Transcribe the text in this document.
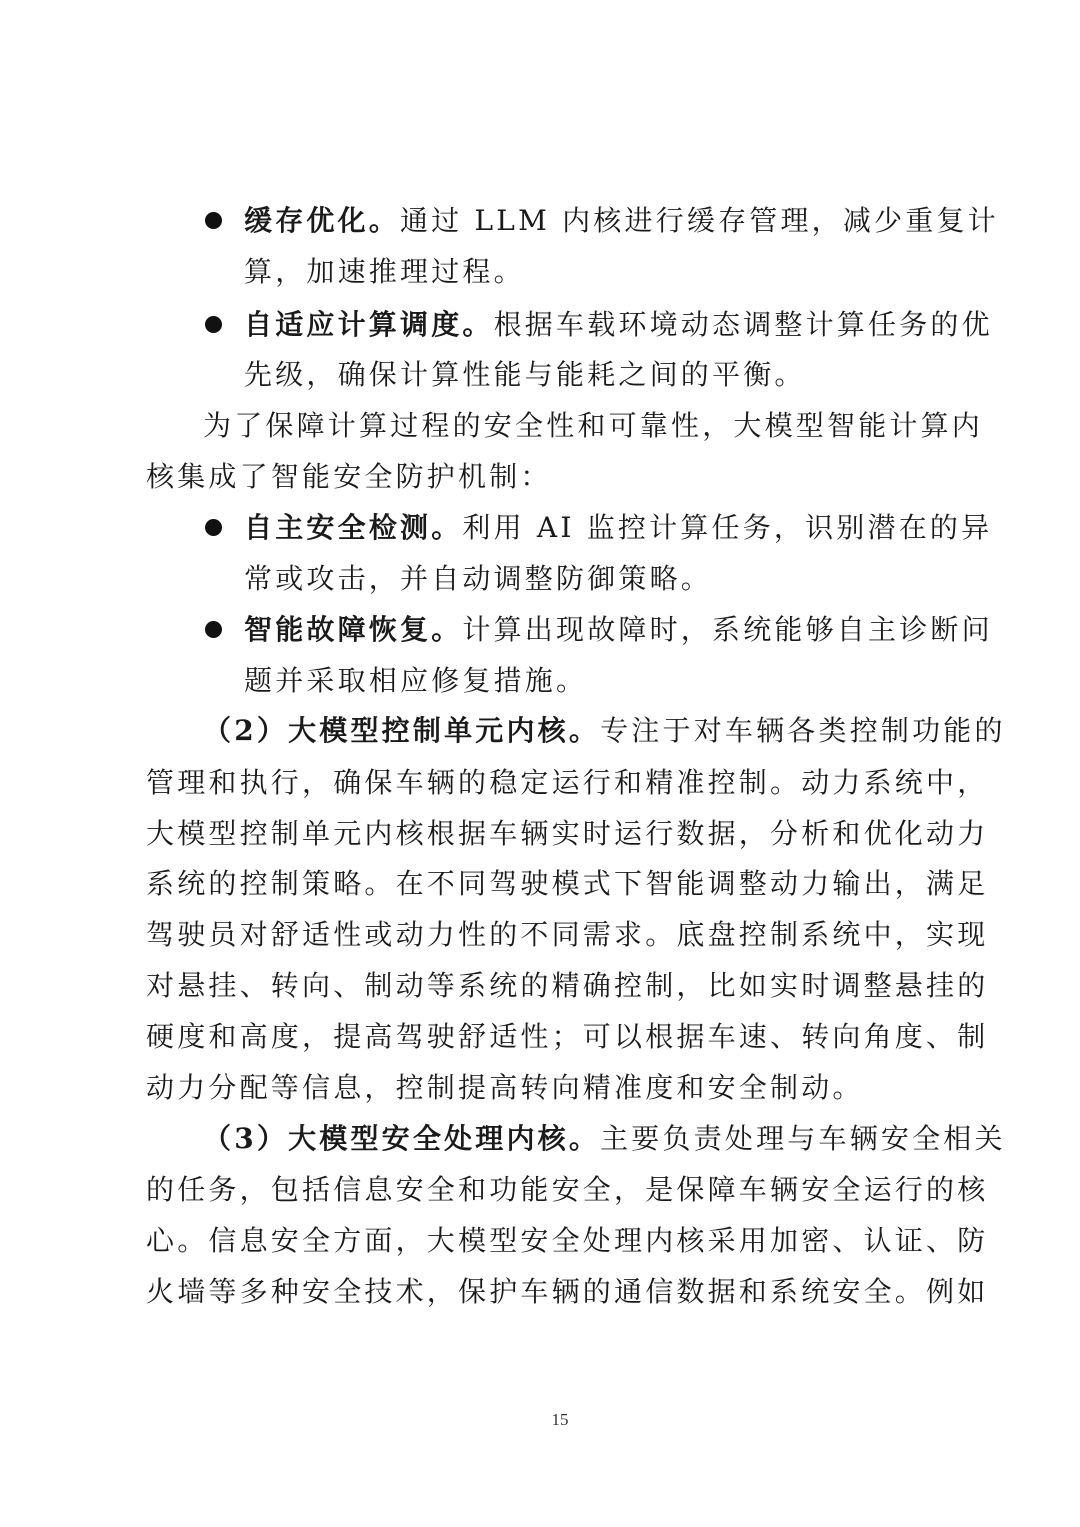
缓存优化。通过 LLM 内核进行缓存管理，减少重复计
算，加速推理过程。
自适应计算调度。根据车载环境动态调整计算任务的优
先级，确保计算性能与能耗之间的平衡。
为了保障计算过程的安全性和可靠性，大模型智能计算内
核集成了智能安全防护机制：
自主安全检测。利用 AI 监控计算任务，识别潜在的异
常或攻击，并自动调整防御策略。
智能故障恢复。计算出现故障时，系统能够自主诊断问
题并采取相应修复措施。
（2）大模型控制单元内核。专注于对车辆各类控制功能的
管理和执行，确保车辆的稳定运行和精准控制。动力系统中，
大模型控制单元内核根据车辆实时运行数据，分析和优化动力
系统的控制策略。在不同驾驶模式下智能调整动力输出，满足
驾驶员对舒适性或动力性的不同需求。底盘控制系统中，实现
对悬挂、转向、制动等系统的精确控制，比如实时调整悬挂的
硬度和高度，提高驾驶舒适性；可以根据车速、转向角度、制
动力分配等信息，控制提高转向精准度和安全制动。
（3）大模型安全处理内核。主要负责处理与车辆安全相关
的任务，包括信息安全和功能安全，是保障车辆安全运行的核
心。信息安全方面，大模型安全处理内核采用加密、认证、防
火墙等多种安全技术，保护车辆的通信数据和系统安全。例如
15
